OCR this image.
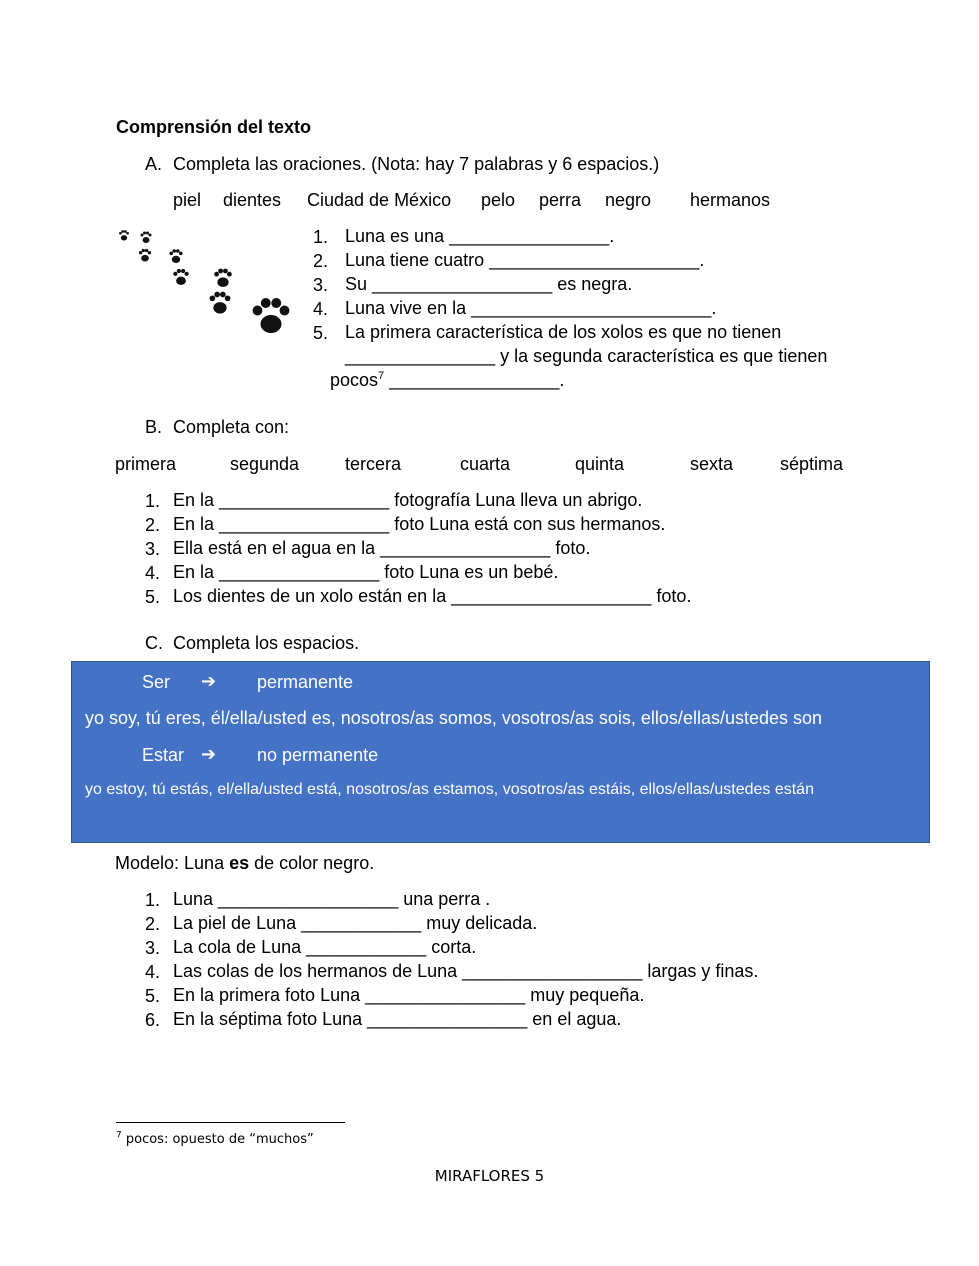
Comprensión del texto
A. Completa las oraciones. (Nota: hay 7 palabras y 6 espacios.)
piel dientes Ciudad de México pelo perra negro hermanos
1. Luna es una ________________.
2. Luna tiene cuatro _____________________.
3. Su __________________ es negra.
4. Luna vive en la ________________________.
5. La primera característica de los xolos es que no tienen
_______________ y la segunda característica es que tienen
pocos$^7$ _________________.
B. Completa con:
primera	segunda	tercera	cuarta	quinta	sexta	séptima
1. En la _________________ fotografía Luna lleva un abrigo.
2. En la _________________ foto Luna está con sus hermanos.
3. Ella está en el agua en la _________________ foto.
4. En la ________________ foto Luna es un bebé.
5. Los dientes de un xolo están en la ____________________ foto.
C. Completa los espacios.
Ser ➔ permanente
yo soy, tú eres, él/ella/usted es, nosotros/as somos, vosotros/as sois, ellos/ellas/ustedes son
Estar ➔ no permanente
yo estoy, tú estás, el/ella/usted está, nosotros/as estamos, vosotros/as estáis, ellos/ellas/ustedes están
Modelo: Luna es de color negro.
1. Luna __________________ una perra .
2. La piel de Luna ____________ muy delicada.
3. La cola de Luna ____________ corta.
4. Las colas de los hermanos de Luna __________________ largas y finas.
5. En la primera foto Luna ________________ muy pequeña.
6. En la séptima foto Luna ________________ en el agua.
$^7$ pocos: opuesto de “muchos”
MIRAFLORES 5
